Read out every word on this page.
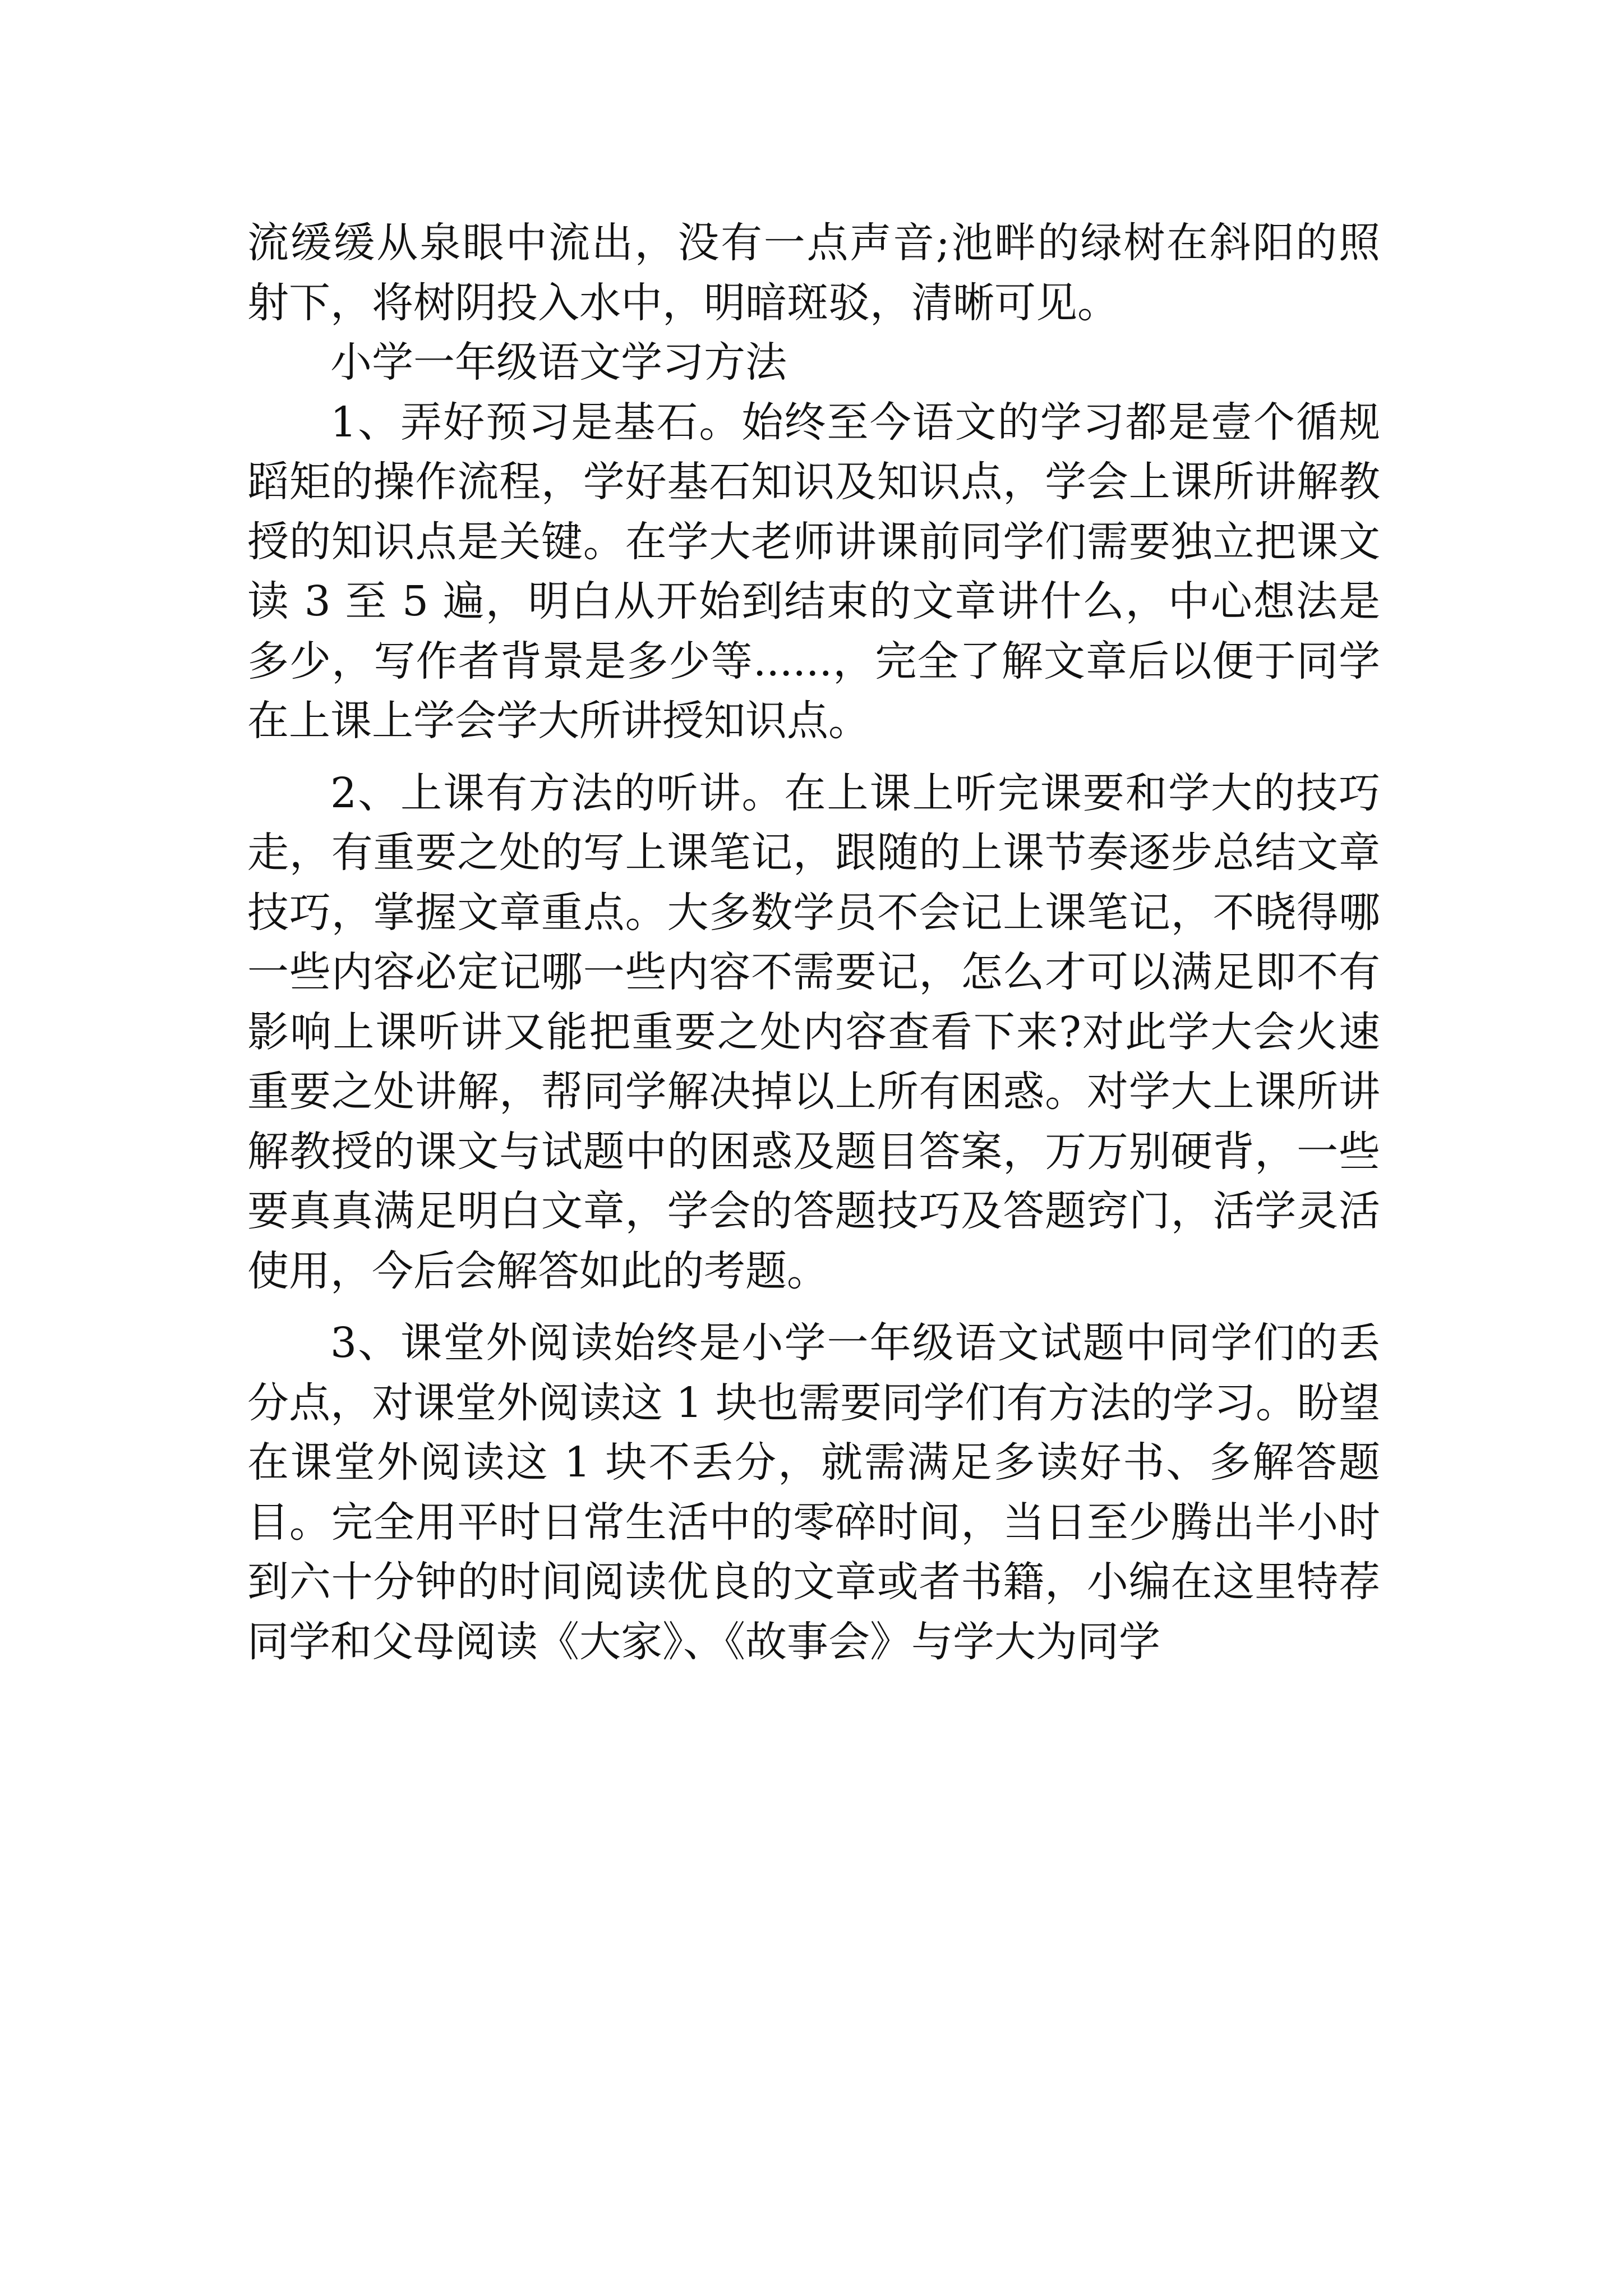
流缓缓从泉眼中流出，没有一点声音;池畔的绿树在斜阳的照射下，将树阴投入水中，明暗斑驳，清晰可见。

小学一年级语文学习方法

1、弄好预习是基石。始终至今语文的学习都是壹个循规蹈矩的操作流程，学好基石知识及知识点，学会上课所讲解教授的知识点是关键。在学大老师讲课前同学们需要独立把课文读 3 至 5 遍，明白从开始到结束的文章讲什么，中心想法是多少，写作者背景是多少等......，完全了解文章后以便于同学在上课上学会学大所讲授知识点。

2、上课有方法的听讲。在上课上听完课要和学大的技巧走，有重要之处的写上课笔记，跟随的上课节奏逐步总结文章技巧，掌握文章重点。大多数学员不会记上课笔记，不晓得哪一些内容必定记哪一些内容不需要记，怎么才可以满足即不有影响上课听讲又能把重要之处内容查看下来?对此学大会火速重要之处讲解，帮同学解决掉以上所有困惑。对学大上课所讲解教授的课文与试题中的困惑及题目答案，万万别硬背，一些要真真满足明白文章，学会的答题技巧及答题窍门，活学灵活使用，今后会解答如此的考题。

3、课堂外阅读始终是小学一年级语文试题中同学们的丢分点，对课堂外阅读这 1 块也需要同学们有方法的学习。盼望在课堂外阅读这 1 块不丢分，就需满足多读好书、多解答题目。完全用平时日常生活中的零碎时间，当日至少腾出半小时到六十分钟的时间阅读优良的文章或者书籍，小编在这里特荐同学和父母阅读《大家》、《故事会》与学大为同学
